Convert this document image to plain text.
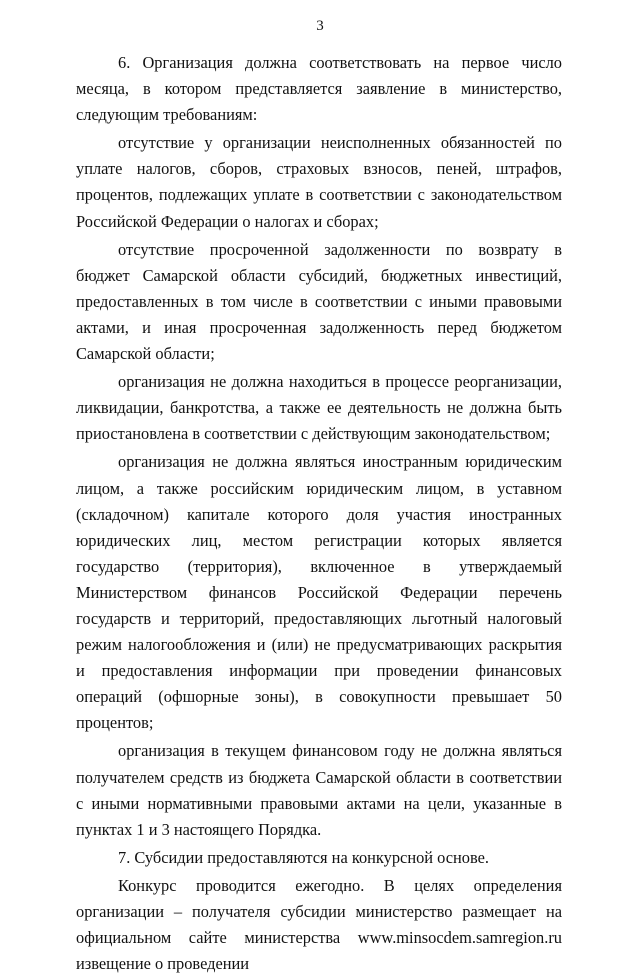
3

6. Организация должна соответствовать на первое число месяца, в котором представляется заявление в министерство, следующим требованиям:

отсутствие у организации неисполненных обязанностей по уплате налогов, сборов, страховых взносов, пеней, штрафов, процентов, подлежащих уплате в соответствии с законодательством Российской Федерации о налогах и сборах;

отсутствие просроченной задолженности по возврату в бюджет Самарской области субсидий, бюджетных инвестиций, предоставленных в том числе в соответствии с иными правовыми актами, и иная просроченная задолженность перед бюджетом Самарской области;

организация не должна находиться в процессе реорганизации, ликвидации, банкротства, а также ее деятельность не должна быть приостановлена в соответствии с действующим законодательством;

организация не должна являться иностранным юридическим лицом, а также российским юридическим лицом, в уставном (складочном) капитале которого доля участия иностранных юридических лиц, местом регистрации которых является государство (территория), включенное в утверждаемый Министерством финансов Российской Федерации перечень государств и территорий, предоставляющих льготный налоговый режим налогообложения и (или) не предусматривающих раскрытия и предоставления информации при проведении финансовых операций (офшорные зоны), в совокупности превышает 50 процентов;

организация в текущем финансовом году не должна являться получателем средств из бюджета Самарской области в соответствии с иными нормативными правовыми актами на цели, указанные в пунктах 1 и 3 настоящего Порядка.

7. Субсидии предоставляются на конкурсной основе.

Конкурс проводится ежегодно. В целях определения организации – получателя субсидии министерство размещает на официальном сайте министерства www.minsocdem.samregion.ru извещение о проведении
